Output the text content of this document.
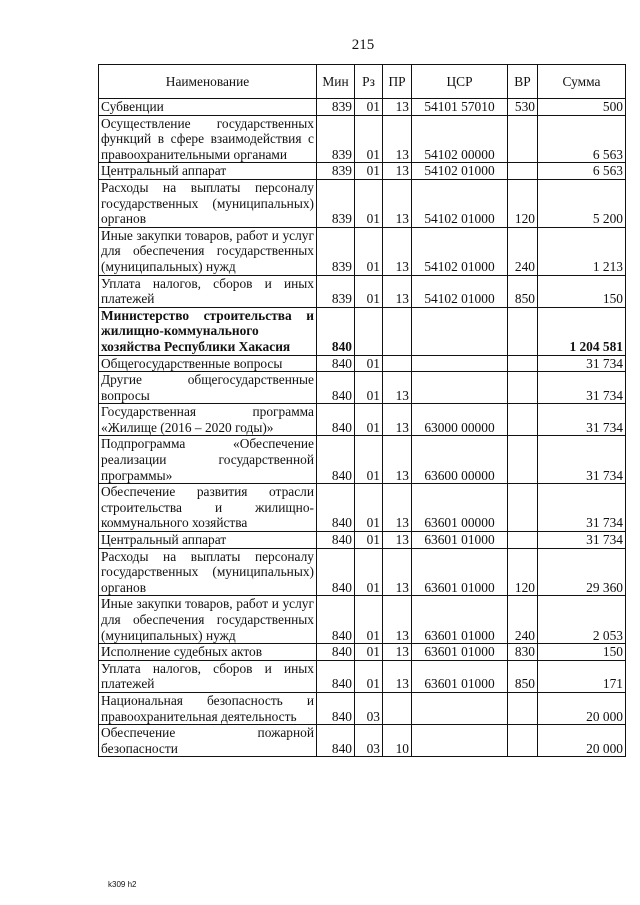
215
Наименование	Мин	Рз	ПР	ЦСР	ВР	Сумма
Субвенции	839	01	13	54101 57010	530	500
Осуществление государственных функций в сфере взаимодействия с правоохранительными органами	839	01	13	54102 00000		6 563
Центральный аппарат	839	01	13	54102 01000		6 563
Расходы на выплаты персоналу государственных (муниципальных) органов	839	01	13	54102 01000	120	5 200
Иные закупки товаров, работ и услуг для обеспечения государственных (муниципальных) нужд	839	01	13	54102 01000	240	1 213
Уплата налогов, сборов и иных платежей	839	01	13	54102 01000	850	150
Министерство строительства и жилищно-коммунального хозяйства Республики Хакасия	840					1 204 581
Общегосударственные вопросы	840	01				31 734
Другие общегосударственные вопросы	840	01	13			31 734
Государственная программа «Жилище (2016 – 2020 годы)»	840	01	13	63000 00000		31 734
Подпрограмма «Обеспечение реализации государственной программы»	840	01	13	63600 00000		31 734
Обеспечение развития отрасли строительства и жилищно-коммунального хозяйства	840	01	13	63601 00000		31 734
Центральный аппарат	840	01	13	63601 01000		31 734
Расходы на выплаты персоналу государственных (муниципальных) органов	840	01	13	63601 01000	120	29 360
Иные закупки товаров, работ и услуг для обеспечения государственных (муниципальных) нужд	840	01	13	63601 01000	240	2 053
Исполнение судебных актов	840	01	13	63601 01000	830	150
Уплата налогов, сборов и иных платежей	840	01	13	63601 01000	850	171
Национальная безопасность и правоохранительная деятельность	840	03				20 000
Обеспечение пожарной безопасности	840	03	10			20 000
k309 h2
